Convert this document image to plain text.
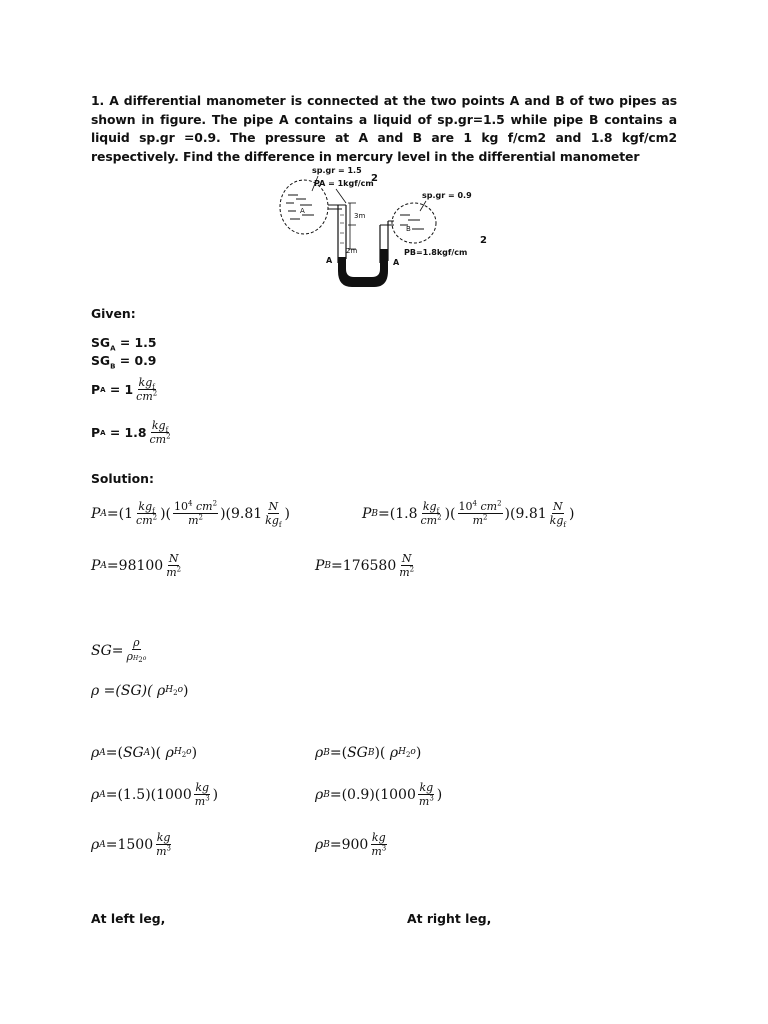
1. A differential manometer is connected at the two points A and B of two pipes as shown in figure. The pipe A contains a liquid of sp.gr=1.5 while pipe B contains a liquid sp.gr =0.9. The pressure at A and B are 1 kg f/cm2 and 1.8 kgf/cm2 respectively. Find the difference in mercury level in the differential manometer
A
B
3m
2m
sp.gr = 1.5
PA = 1kgf/cm
2
sp.gr = 0.9
PB=1.8kgf/cm
2
A	A
Given:
$SG_A = 1.5$
$SG_B = 0.9$
P A
= $1 \frac{kg_f}{cm^2}$
P A
= $1.8 \frac{kg_f}{cm^2}$
Solution:
P $A =(1 \frac{kg_f}{cm^2}$ )( $\frac{10^4 cm^2}{m^2} )(9.81 \frac{N}{kg_f}$ )	P $B =(1.8 \frac{kg_f}{cm^2}$ )( $\frac{10^4 cm^2}{m^2} )(9.81 \frac{N}{kg_f}$ )
P $A = 98100 \frac{N}{m^2}$	P $B = 176580 \frac{N}{m^2}$
$SG= \frac{\rho}{\rho H_2o}$
ρ =(SG)( ρ $H_2o$ )
ρ A =( SG A )( ρ $H_2o$ )	ρ B =( SG B )( ρ $H_2o$ )
ρ $A =(1.5)(1000 \frac{kg}{m^3}$ )	ρ $B =(0.9)(1000 \frac{kg}{m^3}$ )
ρ $A = 1500 \frac{kg}{m^3}$	ρ $B = 900 \frac{kg}{m^3}$
At left leg,	At right leg,
